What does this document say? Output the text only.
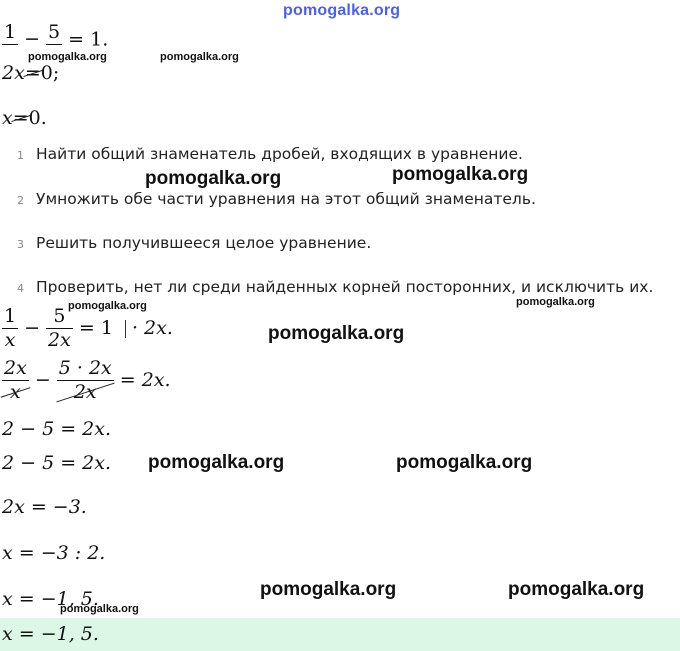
pomogalka.org
1 − 5 = 1.
pomogalka.org	pomogalka.org
2x=0;
x=0.
1 Найти общий знаменатель дробей, входящих в уравнение.
pomogalka.org	pomogalka.org
2 Умножить обе части уравнения на этот общий знаменатель.
3 Решить получившееся целое уравнение.
4 Проверить, нет ли среди найденных корней посторонних, и исключить их.
pomogalka.org	pomogalka.org
$\frac{1}{x} - \frac{5}{2x} = 1 \cdot 2x$.	pomogalka.org
$\frac{2x}{x} - \frac{5 \cdot 2x}{2x} = 2x$.
2 − 5 = 2x.
2 − 5 = 2x. pomogalka.org	pomogalka.org
2x = −3.
x = −3 : 2.
x = −1, 5.	pomogalka.org	pomogalka.org
pomogalka.org
x = −1, 5.
